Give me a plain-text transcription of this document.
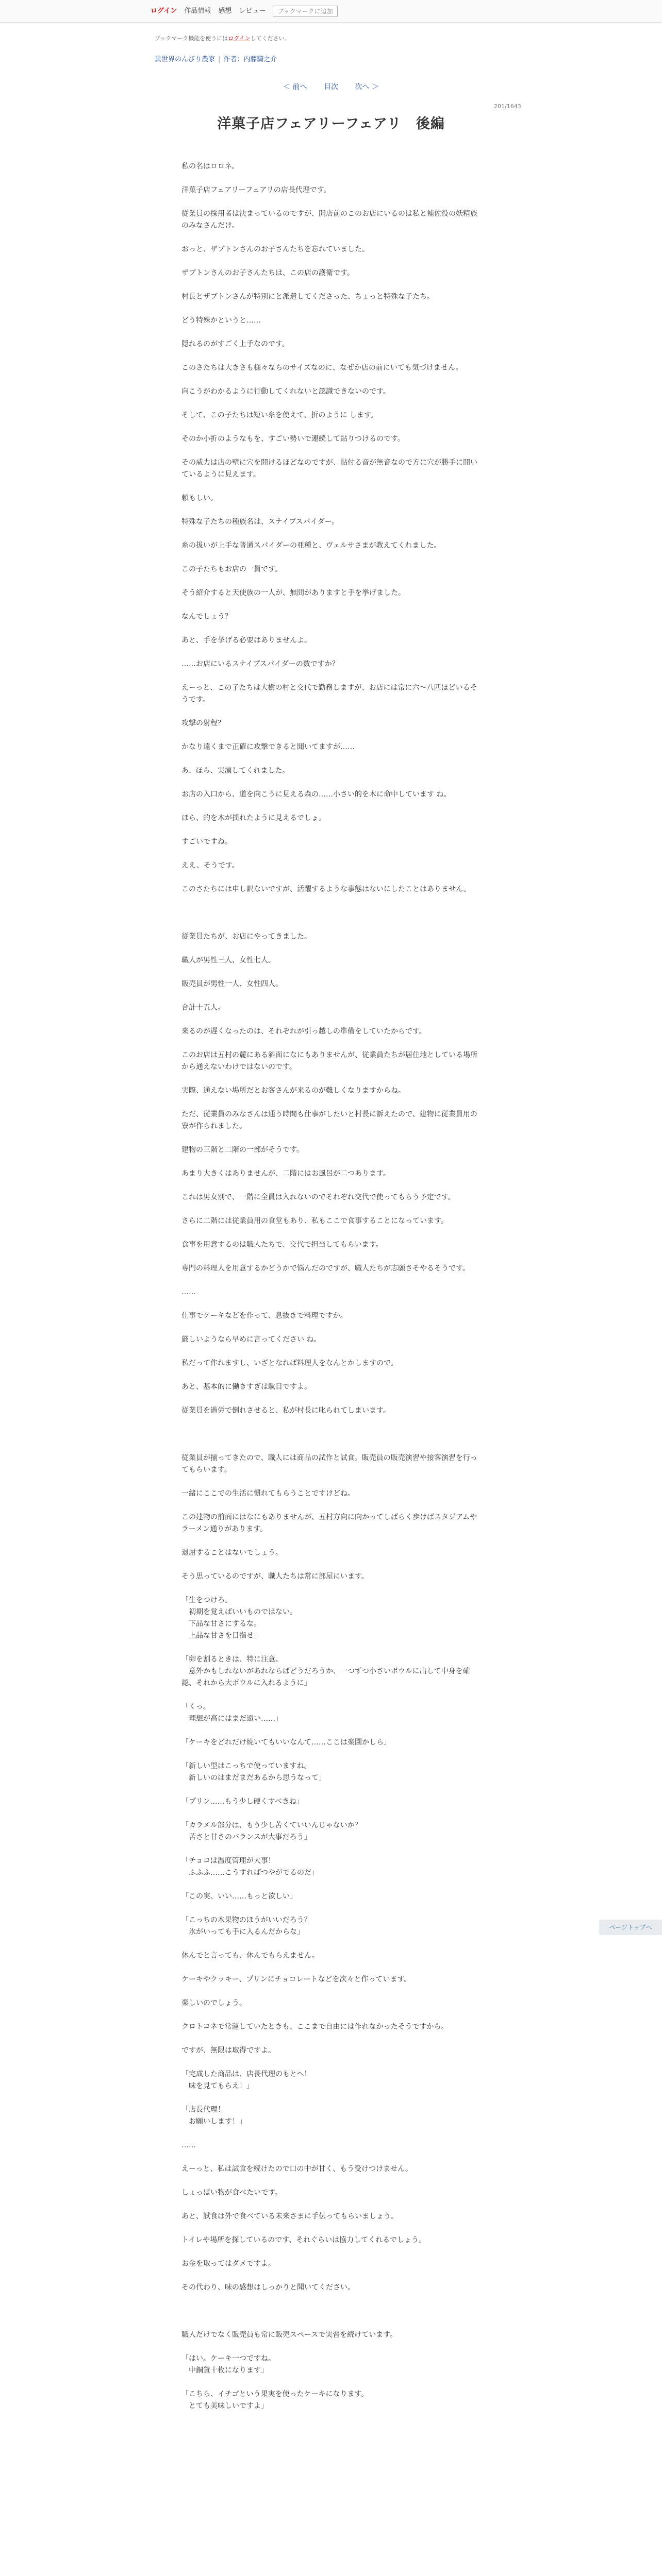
ログイン 作品情報 感想 レビュー	ブックマークに追加
ブックマーク機能を使うにはログインしてください。
異世界のんびり農家 | 作者：内藤騎之介
＜ 前へ 目次 次へ ＞
201/1643
洋菓子店フェアリーフェアリ　後編

私の名はロロネ。

洋菓子店フェアリーフェアリの店長代理です。

従業員の採用者は決まっているのですが、開店前のこのお店にいるのは私と補佐役の妖精族のみなさんだけ。

おっと、ザブトンさんのお子さんたちを忘れていました。

ザブトンさんのお子さんたちは、この店の護衛です。

村長とザブトンさんが特別にと派遣してくださった、ちょっと特殊な子たち。

どう特殊かというと……

隠れるのがすごく上手なのです。

このさたちは大きさも様々ならのサイズなのに、なぜか店の前にいても気づけません。

向こうがわかるように行動してくれないと認識できないのです。

そして、この子たちは短い糸を使えて、折のように します。

そのか小折のようなもを、すごい勢いで連続して貼りつけるのです。

その威力は店の壁に穴を開けるほどなのですが、貼付る音が無音なので方に穴が勝手に開いているように見えます。

頼もしい。

特殊な子たちの種族名は、スナイプスパイダー。

糸の扱いが上手な普通スパイダーの亜種と、ヴェルサさまが教えてくれました。

この子たちもお店の一員です。

そう紹介すると天使族の一人が、無問がありますと手を挙げました。

なんでしょう？

あと、手を挙げる必要はありませんよ。

……お店にいるスナイプスパイダーの数ですか？

えーっと、この子たちは大樹の村と交代で勤務しますが、お店には常に六〜八匹ほどいるそうです。

攻撃の射程？

かなり遠くまで正確に攻撃できると聞いてますが……

あ、ほら、実演してくれました。

お店の入口から、道を向こうに見える森の……小さい的を木に命中しています ね。

ほら、的を木が揺れたように見えるでしょ。

すごいですね。

ええ、そうです。

このさたちには申し訳ないですが、活躍するような事態はないにしたことはありません。

従業員たちが、お店にやってきました。

職人が男性三人、女性七人。

販売員が男性一人、女性四人。

合計十五人。

来るのが遅くなったのは、それぞれが引っ越しの準備をしていたからです。

このお店は五村の麓にある斜面になにもありませんが、従業員たちが居住地としている場所から通えないわけではないのです。

実際、通えない場所だとお客さんが来るのが難しくなりますからね。

ただ、従業員のみなさんは通う時間も仕事がしたいと村長に訴えたので、建物に従業員用の寮が作られました。

建物の三階と二階の一部がそうです。

あまり大きくはありませんが、二階にはお風呂が二つあります。

これは男女別で、一階に全員は入れないのでそれぞれ交代で使ってもらう予定です。

さらに二階には従業員用の食堂もあり、私もここで食事することになっています。

食事を用意するのは職人たちで、交代で担当してもらいます。

専門の料理人を用意するかどうかで悩んだのですが、職人たちが志願さそやるそうです。

……

仕事でケーキなどを作って、息抜きで料理ですか。

厳しいようなら早めに言ってください ね。

私だって作れますし、いざとなれば料理人をなんとかしますので。

あと、基本的に働きすぎは駄目ですよ。

従業員を過労で倒れさせると、私が村長に叱られてしまいます。

従業員が揃ってきたので、職人には商品の試作と試食。販売員の販売演習や接客演習を行ってもらいます。

一緒にここでの生活に慣れてもらうことですけどね。

この建物の前面にはなにもありませんが、五村方向に向かってしばらく歩けばスタジアムやラーメン通りがあります。

退屈することはないでしょう。

そう思っているのですが、職人たちは常に部屋にいます。

「生をつけろ。

　初期を覚えばいいものではない。

　下品な甘さにするな。

　上品な甘さを目指せ」

「卵を割るときは、特に注意。

　意外かもしれないがあれならばどうだろうか、一つずつ小さいボウルに出して中身を確認、それから大ボウルに入れるように」

「くっ。

　理想が高にはまだ遠い……」

「ケーキをどれだけ焼いてもいいなんて……ここは楽園かしら」

「新しい型はこっちで使っていますね。

　新しいのはまだまだあるから思うなって」

「プリン……もう少し硬くすべきね」

「カラメル部分は、もう少し苦くていいんじゃないか？

　苦さと甘さのバランスが大事だろう」

「チョコは温度管理が大事！

　ふふふ……こうすればつやがでるのだ」

「この実、いい……もっと欲しい」

「こっちの木果物のほうがいいだろう？

　氷がいっても手に入るんだからな」

休んでと言っても、休んでもらえません。

ケーキやクッキー、プリンにチョコレートなどを次々と作っています。

楽しいのでしょう。

クロトコネで常運していたときも、ここまで自由には作れなかったそうですから。

ですが、無限は取得ですよ。

「完成した商品は、店長代理のもとへ！

　味を見てもらえ！」

「店長代理！

　お願いします！」

……

えーっと、私は試食を続けたので口の中が甘く、もう受けつけません。

しょっぱい物が食べたいです。

あと、試食は外で食べている未来さまに手伝ってもらいましょう。

トイレや場所を探しているのです、それぐらいは協力してくれるでしょう。

お金を取ってはダメですよ。

その代わり、味の感想はしっかりと聞いてください。

職人だけでなく販売員も常に販売スペースで実習を続けています。

「はい。ケーキ一つですね。

　中銅貨十枚になります」

「こちら、イチゴという果実を使ったケーキになります。

　とても美味しいですよ」

ページトップへ
